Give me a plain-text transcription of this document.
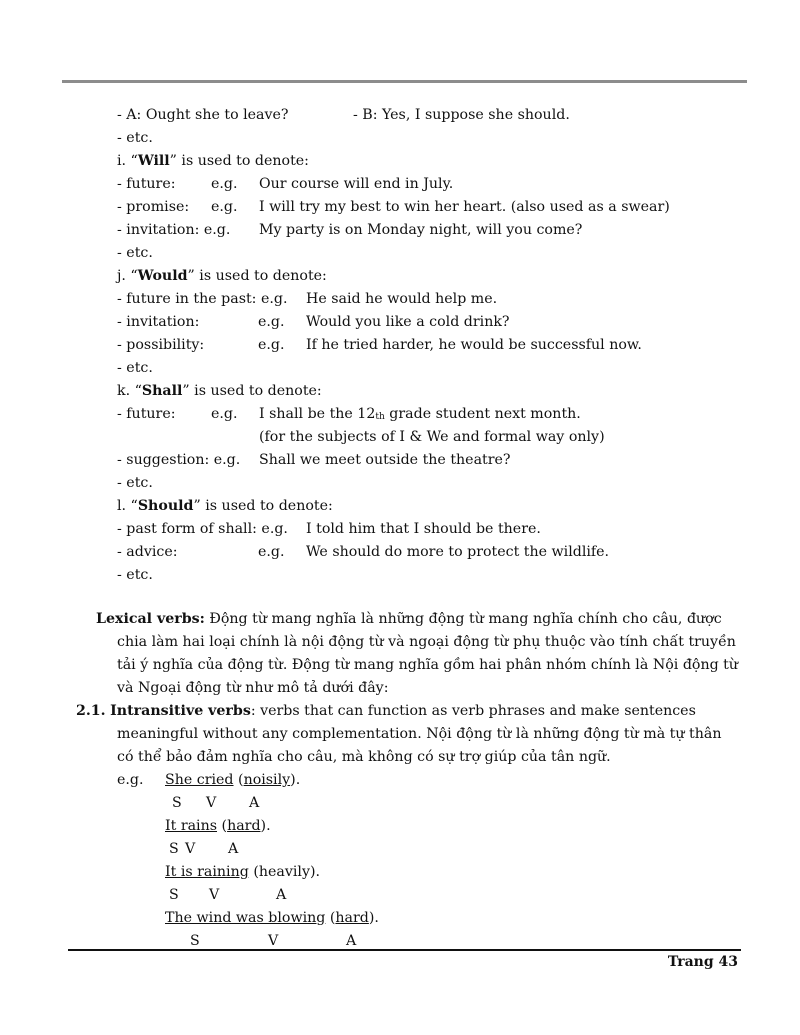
- A: Ought she to leave?	- B: Yes, I suppose she should.
- etc.
i. “Will” is used to denote:
- future:	e.g. Our course will end in July.
- promise: e.g. I will try my best to win her heart. (also used as a swear)
- invitation: e.g. My party is on Monday night, will you come?
- etc.
j. “Would” is used to denote:
- future in the past: e.g. He said he would help me.
- invitation:	e.g. Would you like a cold drink?
- possibility:	e.g. If he tried harder, he would be successful now.
- etc.
k. “Shall” is used to denote:
- future:	e.g. I shall be the $12_{th}$ grade student next month.
(for the subjects of I & We and formal way only)
- suggestion: e.g. Shall we meet outside the theatre?
- etc.
l. “Should” is used to denote:
- past form of shall: e.g. I told him that I should be there.
- advice:	e.g. We should do more to protect the wildlife.
- etc.
Lexical verbs: Động từ mang nghĩa là những động từ mang nghĩa chính cho câu, được
chia làm hai loại chính là nội động từ và ngoại động từ phụ thuộc vào tính chất truyền
tải ý nghĩa của động từ. Động từ mang nghĩa gồm hai phân nhóm chính là Nội động từ
và Ngoại động từ như mô tả dưới đây:
2.1. Intransitive verbs: verbs that can function as verb phrases and make sentences
meaningful without any complementation. Nội động từ là những động từ mà tự thân
có thể bảo đảm nghĩa cho câu, mà không có sự trợ giúp của tân ngữ.
e.g. She cried (noisily).
S V A
It rains (hard).
S V A
It is raining (heavily).
S V	A
The wind was blowing (hard).
S	V	A
Trang 43
